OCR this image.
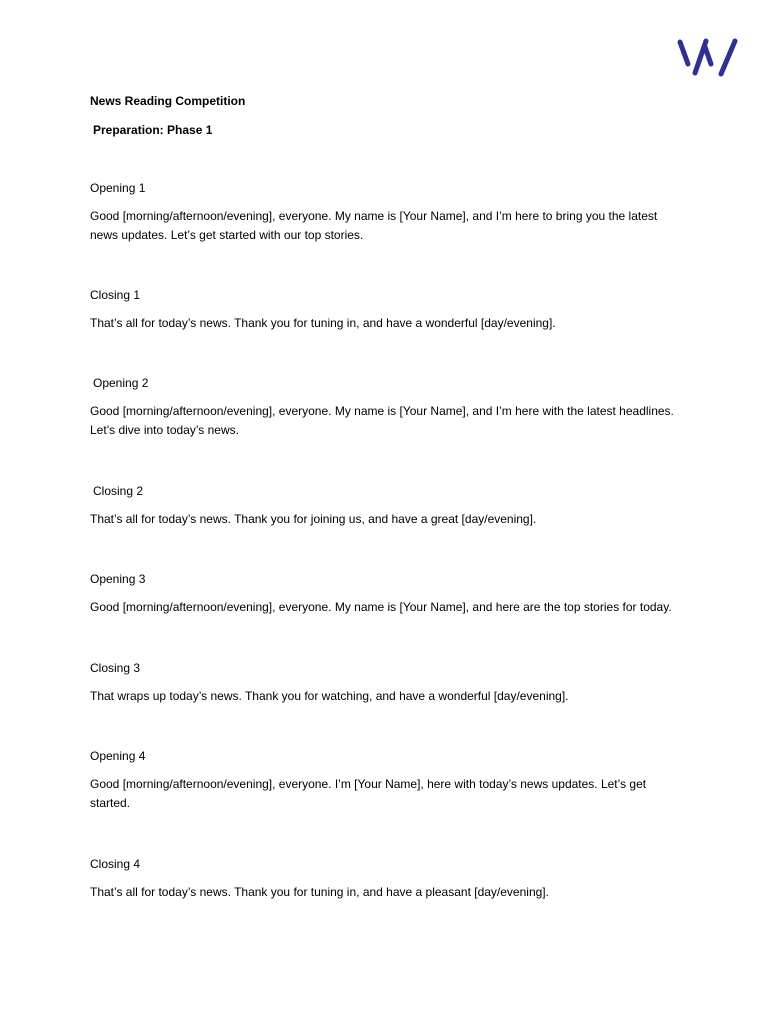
News Reading Competition

Preparation: Phase 1

Opening 1

Good [morning/afternoon/evening], everyone. My name is [Your Name], and I’m here to bring you the latest news updates. Let’s get started with our top stories.

Closing 1

That’s all for today’s news. Thank you for tuning in, and have a wonderful [day/evening].

Opening 2

Good [morning/afternoon/evening], everyone. My name is [Your Name], and I’m here with the latest headlines. Let’s dive into today’s news.

Closing 2

That’s all for today’s news. Thank you for joining us, and have a great [day/evening].

Opening 3

Good [morning/afternoon/evening], everyone. My name is [Your Name], and here are the top stories for today.

Closing 3

That wraps up today’s news. Thank you for watching, and have a wonderful [day/evening].

Opening 4

Good [morning/afternoon/evening], everyone. I’m [Your Name], here with today’s news updates. Let’s get started.

Closing 4

That’s all for today’s news. Thank you for tuning in, and have a pleasant [day/evening].
